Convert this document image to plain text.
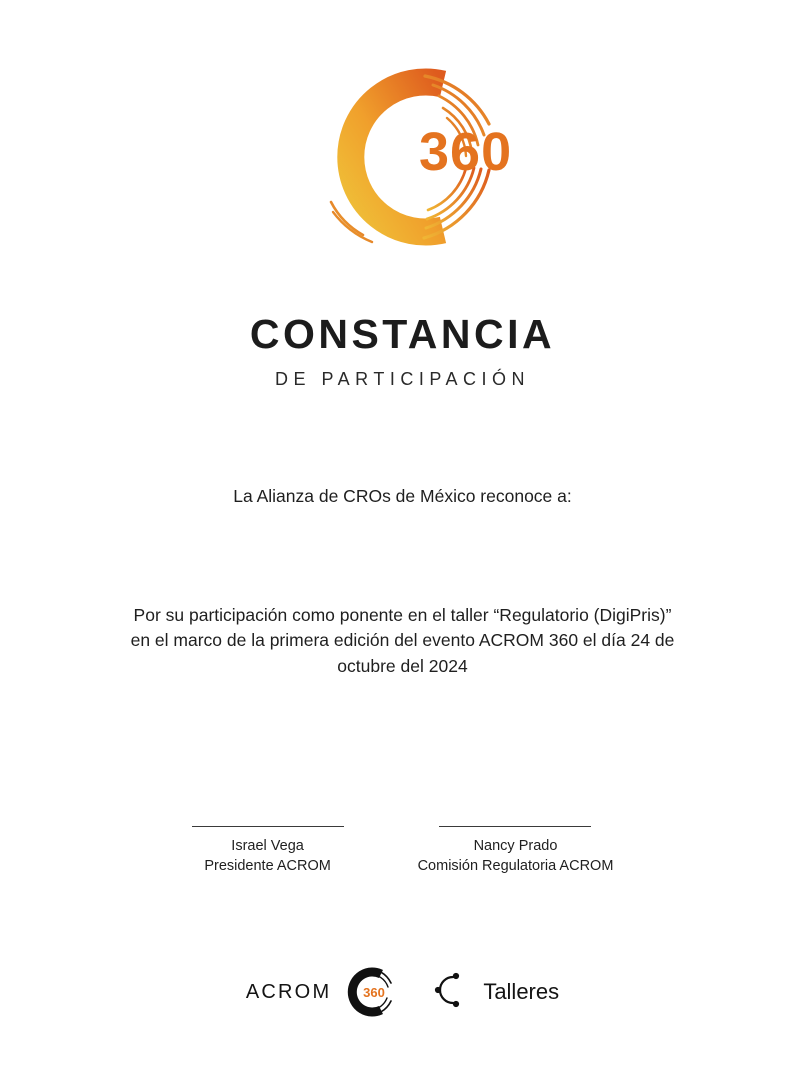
360
CONSTANCIA
DE PARTICIPACIÓN
La Alianza de CROs de México reconoce a:
Por su participación como ponente en el taller “Regulatorio (DigiPris)” en el marco de la primera edición del evento ACROM 360 el día 24 de octubre del 2024
Israel Vega
Presidente ACROM
Nancy Prado
Comisión Regulatoria ACROM
ACROM 360	Talleres
